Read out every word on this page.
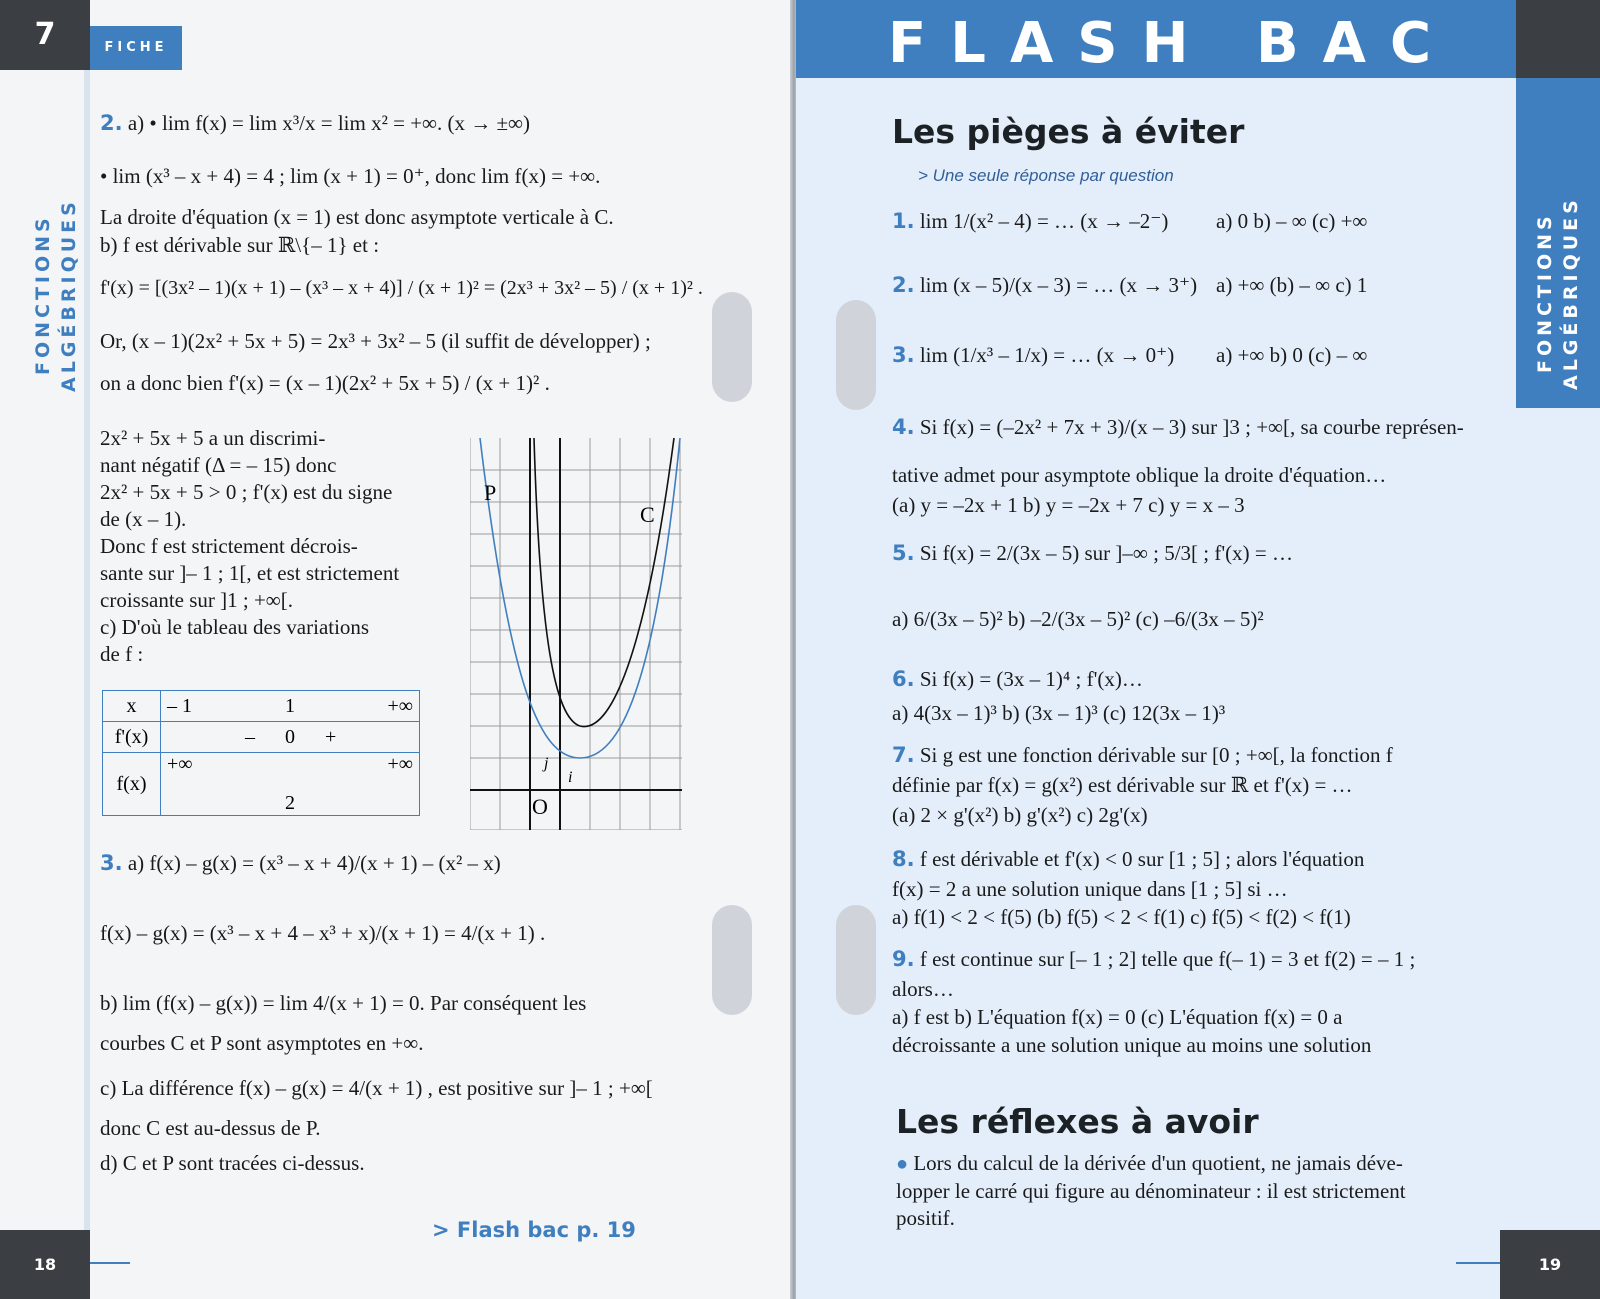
7	FICHE
FONCTIONS ALGÉBRIQUES
2. a) • lim f(x) = lim x³/x = lim x² = +∞. (x → ±∞)
• lim (x³ – x + 4) = 4 ; lim (x + 1) = 0⁺, donc lim f(x) = +∞.
La droite d'équation (x = 1) est donc asymptote verticale à C.
b) f est dérivable sur ℝ\{– 1} et :
f'(x) = [(3x² – 1)(x + 1) – (x³ – x + 4)] / (x + 1)² = (2x³ + 3x² – 5) / (x + 1)² .
Or, (x – 1)(2x² + 5x + 5) = 2x³ + 3x² – 5 (il suffit de développer) ;
on a donc bien f'(x) = (x – 1)(2x² + 5x + 5) / (x + 1)² .
2x² + 5x + 5 a un discrimi-
nant négatif (Δ = – 15) donc
2x² + 5x + 5 > 0 ; f'(x) est du signe
de (x – 1).
Donc f est strictement décrois-
sante sur ]– 1 ; 1[, et est strictement
croissante sur ]1 ; +∞[.
c) D'où le tableau des variations
de f :
x	– 1	1	+∞
f'(x)	–	0	+
f(x)	+∞	2	+∞
P
C
O
i
j
3. a) f(x) – g(x) = (x³ – x + 4)/(x + 1) – (x² – x)
f(x) – g(x) = (x³ – x + 4 – x³ + x)/(x + 1) = 4/(x + 1) .
b) lim (f(x) – g(x)) = lim 4/(x + 1) = 0. Par conséquent les
courbes C et P sont asymptotes en +∞.
c) La différence f(x) – g(x) = 4/(x + 1) , est positive sur ]– 1 ; +∞[
donc C est au-dessus de P.
d) C et P sont tracées ci-dessus.
> Flash bac p. 19
18
FLASH BAC
FONCTIONS ALGÉBRIQUES
Les pièges à éviter
> Une seule réponse par question
1. lim 1/(x² – 4) = … (x → –2⁻) a) 0 b) – ∞ (c) +∞
2. lim (x – 5)/(x – 3) = … (x → 3⁺) a) +∞ (b) – ∞ c) 1
3. lim (1/x³ – 1/x) = … (x → 0⁺) a) +∞ b) 0 (c) – ∞
4. Si f(x) = (–2x² + 7x + 3)/(x – 3) sur ]3 ; +∞[, sa courbe représen-
tative admet pour asymptote oblique la droite d'équation…
(a) y = –2x + 1 b) y = –2x + 7 c) y = x – 3
5. Si f(x) = 2/(3x – 5) sur ]–∞ ; 5/3[ ; f'(x) = …
a) 6/(3x – 5)² b) –2/(3x – 5)² (c) –6/(3x – 5)²
6. Si f(x) = (3x – 1)⁴ ; f'(x)…
a) 4(3x – 1)³ b) (3x – 1)³ (c) 12(3x – 1)³
7. Si g est une fonction dérivable sur [0 ; +∞[, la fonction f
définie par f(x) = g(x²) est dérivable sur ℝ et f'(x) = …
(a) 2 × g'(x²) b) g'(x²) c) 2g'(x)
8. f est dérivable et f'(x) < 0 sur [1 ; 5] ; alors l'équation
f(x) = 2 a une solution unique dans [1 ; 5] si …
a) f(1) < 2 < f(5) (b) f(5) < 2 < f(1) c) f(5) < f(2) < f(1)
9. f est continue sur [– 1 ; 2] telle que f(– 1) = 3 et f(2) = – 1 ;
alors…
a) f est b) L'équation f(x) = 0 (c) L'équation f(x) = 0 a
décroissante a une solution unique au moins une solution
Les réflexes à avoir
● Lors du calcul de la dérivée d'un quotient, ne jamais déve-
lopper le carré qui figure au dénominateur : il est strictement
positif.
19
